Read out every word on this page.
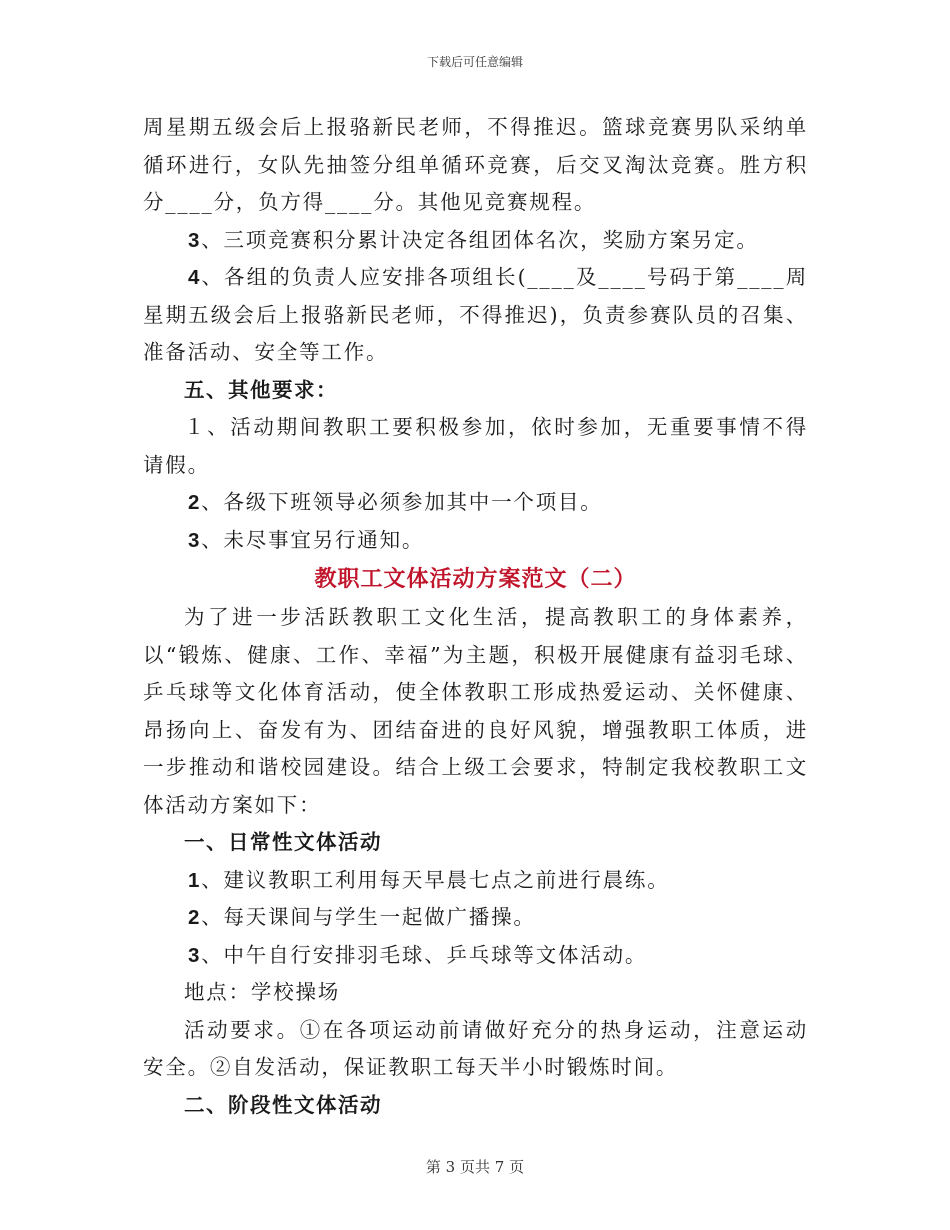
下载后可任意编辑

周星期五级会后上报骆新民老师，不得推迟。篮球竞赛男队采纳单循环进行，女队先抽签分组单循环竞赛，后交叉淘汰竞赛。胜方积分____分，负方得____分。其他见竞赛规程。

3、三项竞赛积分累计决定各组团体名次，奖励方案另定。

4、各组的负责人应安排各项组长(____及____号码于第____周星期五级会后上报骆新民老师，不得推迟)，负责参赛队员的召集、准备活动、安全等工作。

五、其他要求：

１、活动期间教职工要积极参加，依时参加，无重要事情不得请假。

2、各级下班领导必须参加其中一个项目。

3、未尽事宜另行通知。

教职工文体活动方案范文（二）

为了进一步活跃教职工文化生活，提高教职工的身体素养，以“锻炼、健康、工作、幸福”为主题，积极开展健康有益羽毛球、乒乓球等文化体育活动，使全体教职工形成热爱运动、关怀健康、昂扬向上、奋发有为、团结奋进的良好风貌，增强教职工体质，进一步推动和谐校园建设。结合上级工会要求，特制定我校教职工文体活动方案如下：

一、日常性文体活动

1、建议教职工利用每天早晨七点之前进行晨练。

2、每天课间与学生一起做广播操。

3、中午自行安排羽毛球、乒乓球等文体活动。

地点：学校操场

活动要求。①在各项运动前请做好充分的热身运动，注意运动安全。②自发活动，保证教职工每天半小时锻炼时间。

二、阶段性文体活动

第 3 页共 7 页
